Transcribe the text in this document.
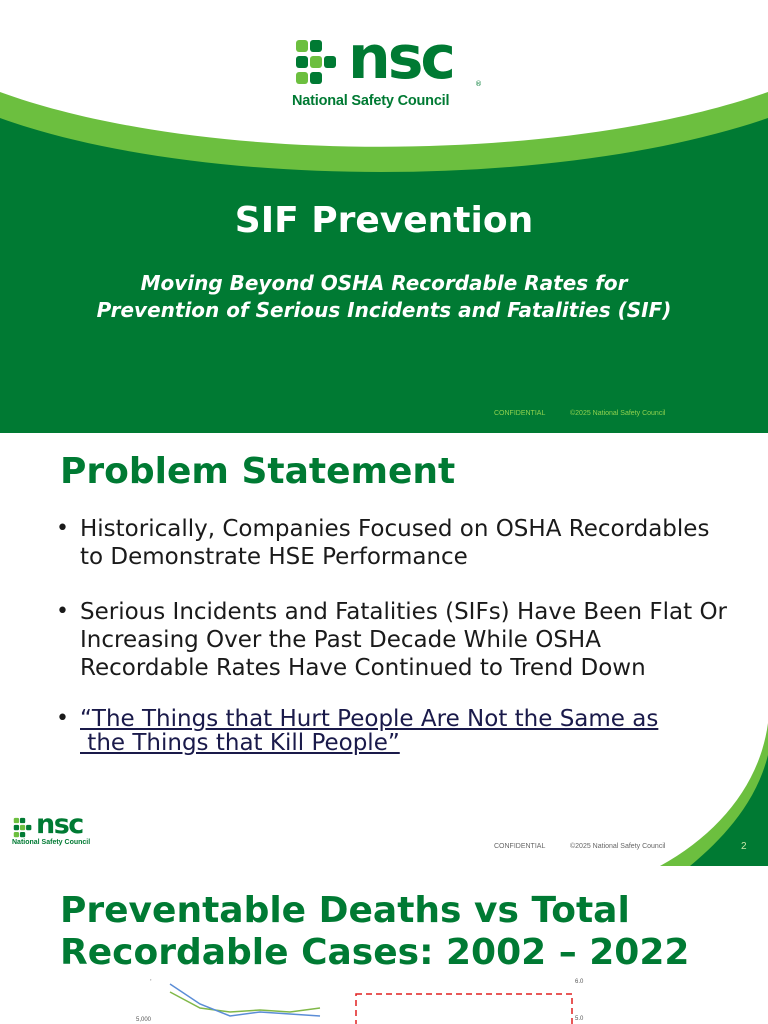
nsc	®
National Safety Council
SIF Prevention
Moving Beyond OSHA Recordable Rates for
Prevention of Serious Incidents and Fatalities (SIF)
CONFIDENTIAL	©2025 National Safety Council
Problem Statement
• Historically, Companies Focused on OSHA Recordables to Demonstrate HSE Performance
• Serious Incidents and Fatalities (SIFs) Have Been Flat Or Increasing Over the Past Decade While OSHA Recordable Rates Have Continued to Trend Down
• “The Things that Hurt People Are Not the Same as
the Things that Kill People”
nsc
National Safety Council
CONFIDENTIAL	©2025 National Safety Council	2
Preventable Deaths vs Total Recordable Cases: 2002 – 2022
,
5,000
6.0
5.0
